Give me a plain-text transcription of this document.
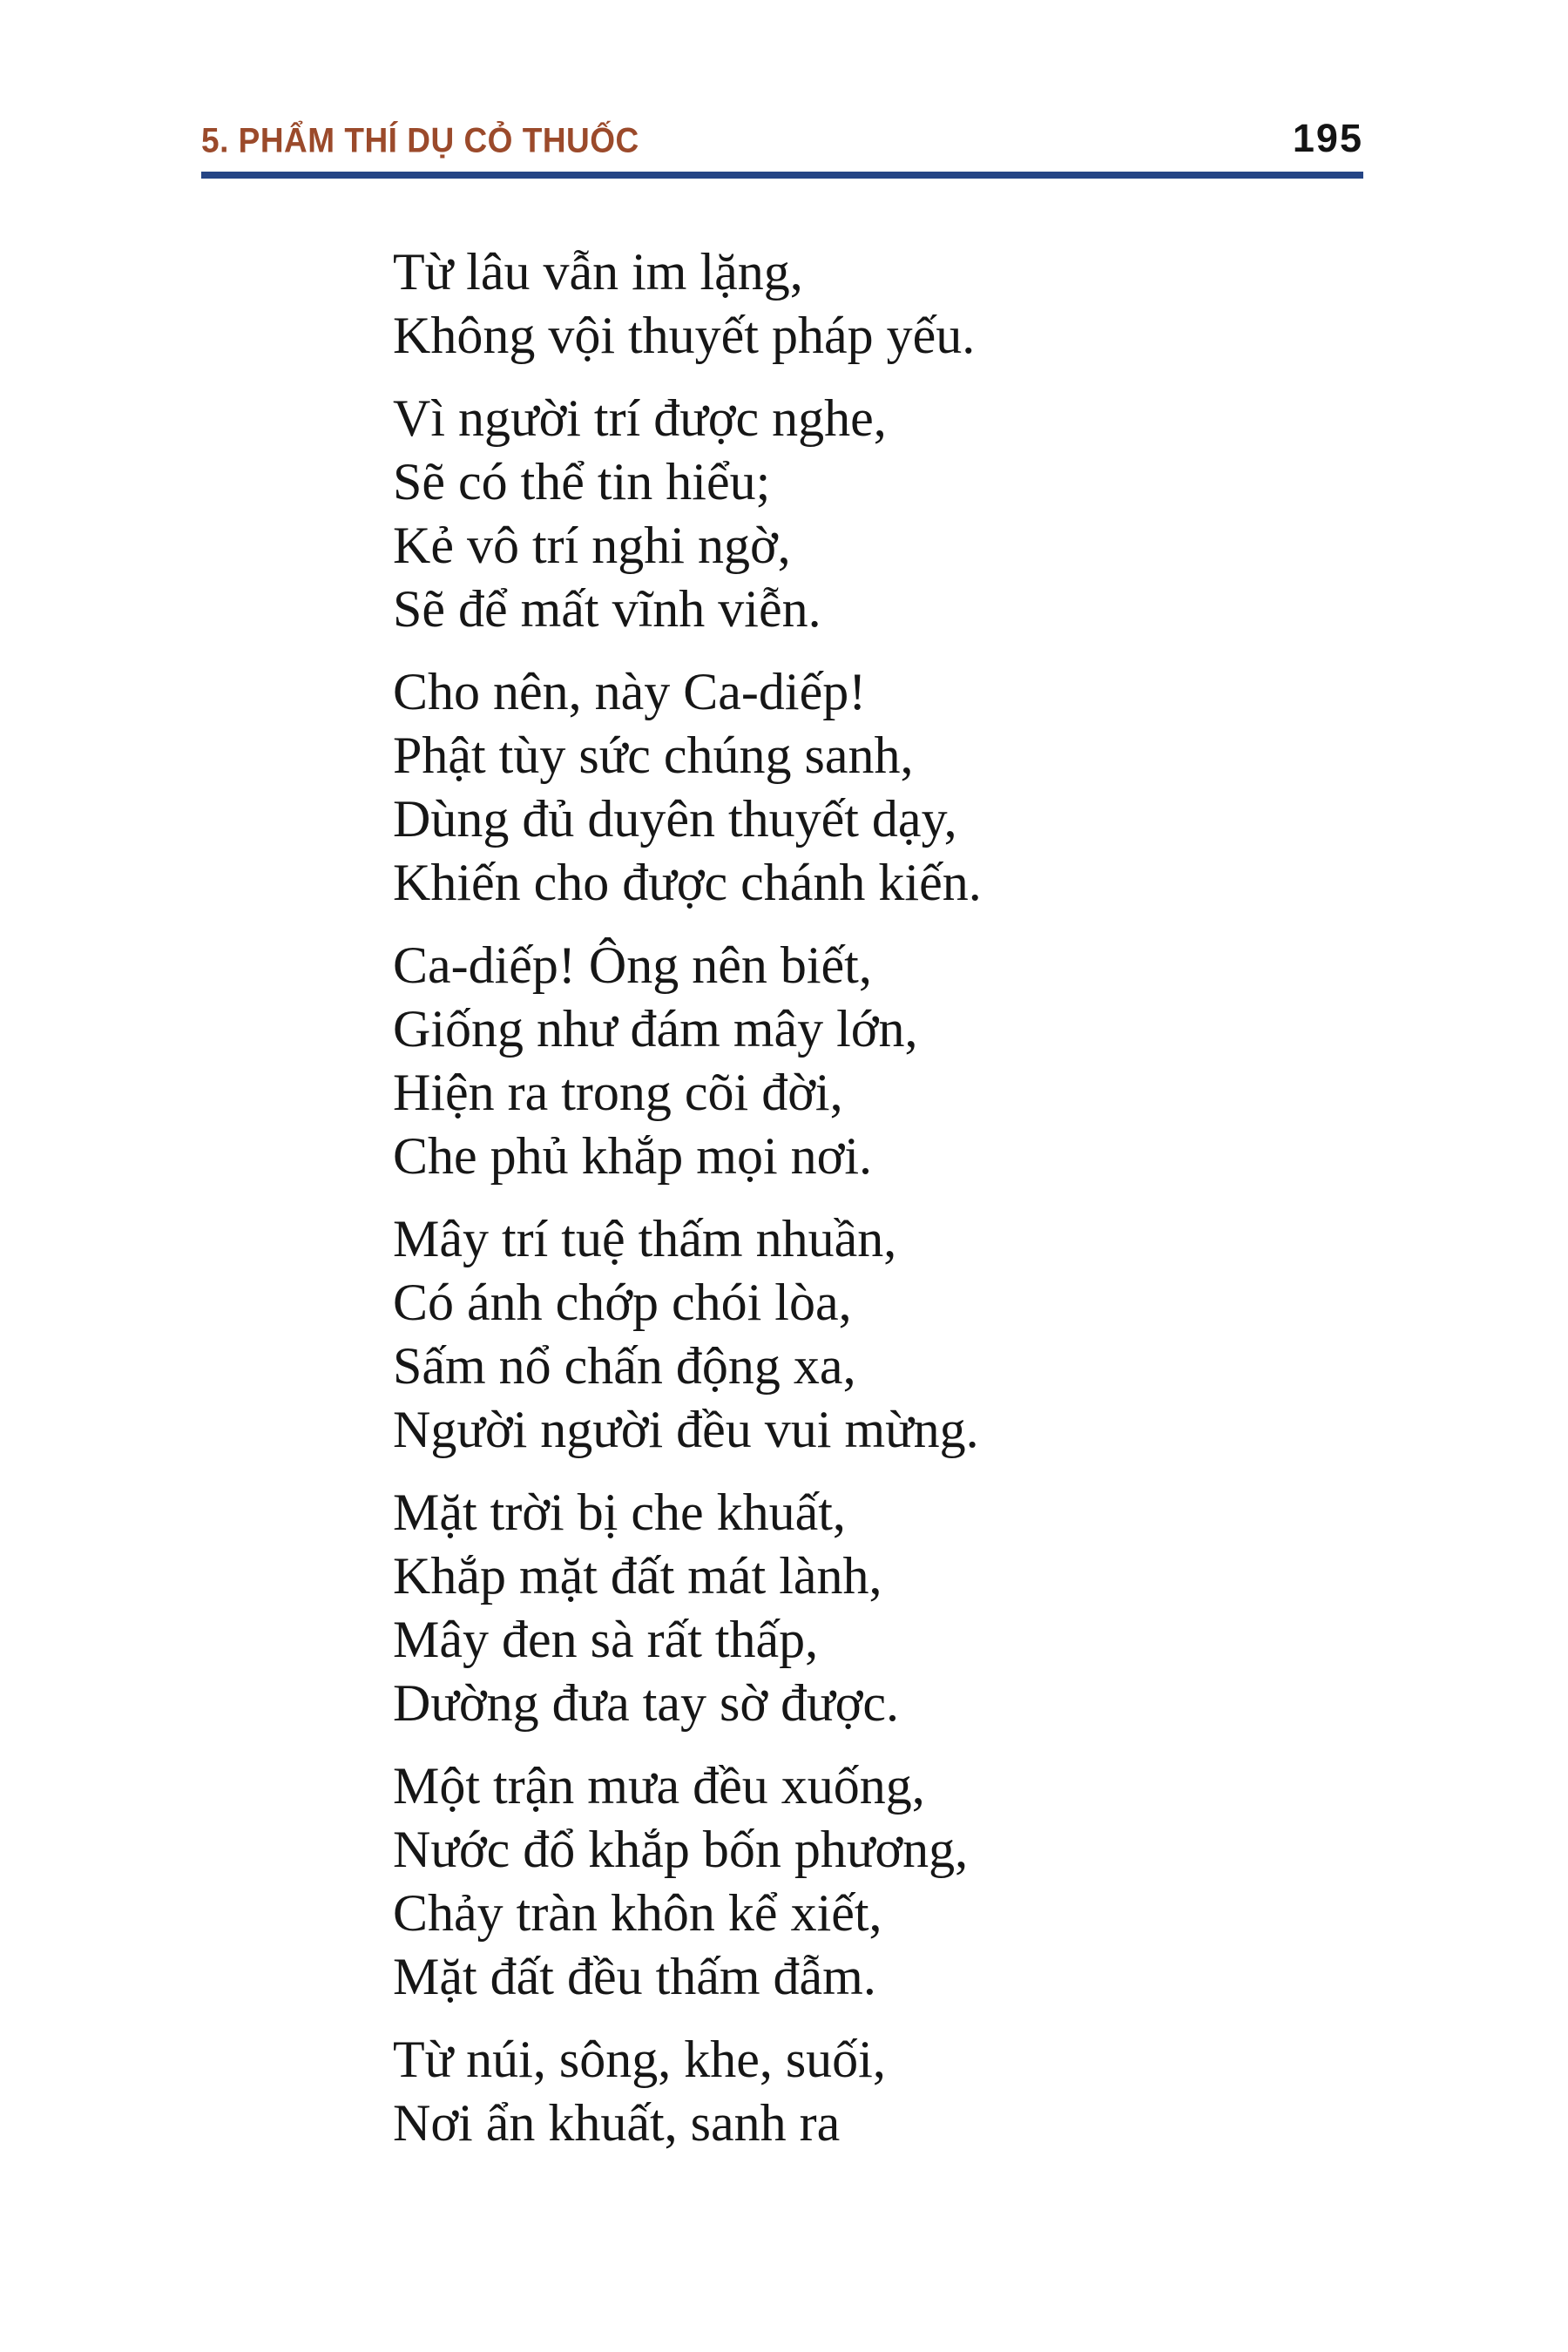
5. PHẨM THÍ DỤ CỎ THUỐC	195

Từ lâu vẫn im lặng,
Không vội thuyết pháp yếu.

Vì người trí được nghe,
Sẽ có thể tin hiểu;
Kẻ vô trí nghi ngờ,
Sẽ để mất vĩnh viễn.

Cho nên, này Ca-diếp!
Phật tùy sức chúng sanh,
Dùng đủ duyên thuyết dạy,
Khiến cho được chánh kiến.

Ca-diếp! Ông nên biết,
Giống như đám mây lớn,
Hiện ra trong cõi đời,
Che phủ khắp mọi nơi.

Mây trí tuệ thấm nhuần,
Có ánh chớp chói lòa,
Sấm nổ chấn động xa,
Người người đều vui mừng.

Mặt trời bị che khuất,
Khắp mặt đất mát lành,
Mây đen sà rất thấp,
Dường đưa tay sờ được.

Một trận mưa đều xuống,
Nước đổ khắp bốn phương,
Chảy tràn khôn kể xiết,
Mặt đất đều thấm đẫm.

Từ núi, sông, khe, suối,
Nơi ẩn khuất, sanh ra
